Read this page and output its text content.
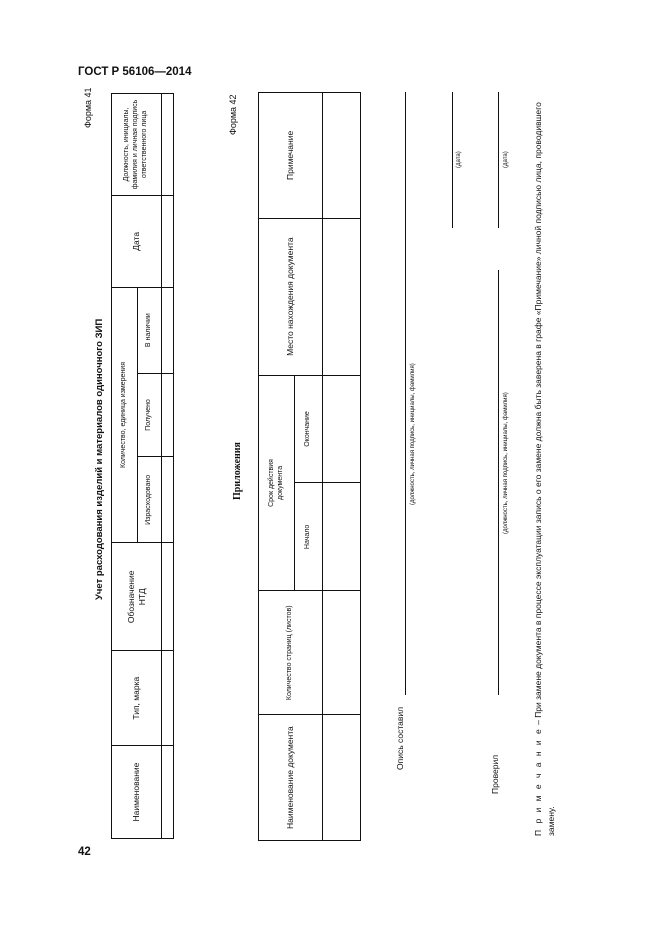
ГОСТ Р 56106—2014
42
Форма 41
Учет расходования изделий и материалов одиночного ЗИП
Наименование	Тип, марка	Обозначение НТД	Количество, единица измерения			Дата	Должность, инициалы, фамилия и личная подпись ответственного лица
			Израсходовано	Получено	В наличии		

Форма 42
Приложения
Наименование документа	Количество страниц (листов)	Срок действия документа		Место нахождения документа	Примечание
		Начало	Окончание		

Опись составил
(должность, личная подпись, инициалы, фамилия)
(дата)
Проверил
(должность, личная подпись, инициалы, фамилия)
(дата)
П р и м е ч а н и е – При замене документа в процессе эксплуатации запись о его замене должна быть заверена в графе «Примечание» личной подписью лица, проводившего замену.
